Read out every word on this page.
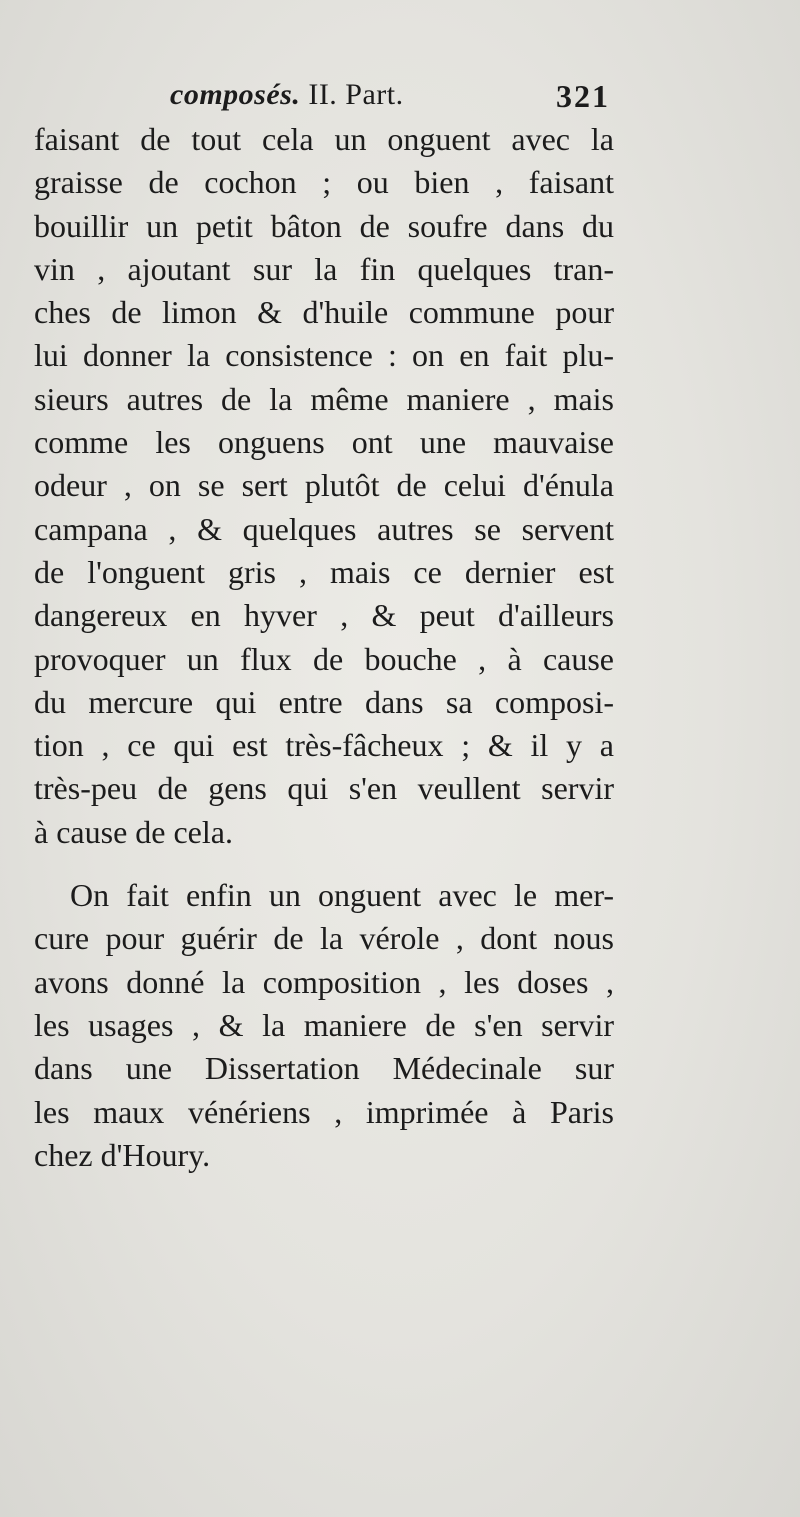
composés. II. Part.	321
faisant de tout cela un onguent avec la
graisse de cochon ; ou bien , faisant
bouillir un petit bâton de soufre dans du
vin , ajoutant sur la fin quelques tran-
ches de limon & d'huile commune pour
lui donner la consistence : on en fait plu-
sieurs autres de la même maniere , mais
comme les onguens ont une mauvaise
odeur , on se sert plutôt de celui d'énula
campana , & quelques autres se servent
de l'onguent gris , mais ce dernier est
dangereux en hyver , & peut d'ailleurs
provoquer un flux de bouche , à cause
du mercure qui entre dans sa composi-
tion , ce qui est très-fâcheux ; & il y a
très-peu de gens qui s'en veullent servir
à cause de cela.
On fait enfin un onguent avec le mer-
cure pour guérir de la vérole , dont nous
avons donné la composition , les doses ,
les usages , & la maniere de s'en servir
dans une Dissertation Médecinale sur
les maux vénériens , imprimée à Paris
chez d'Houry.
